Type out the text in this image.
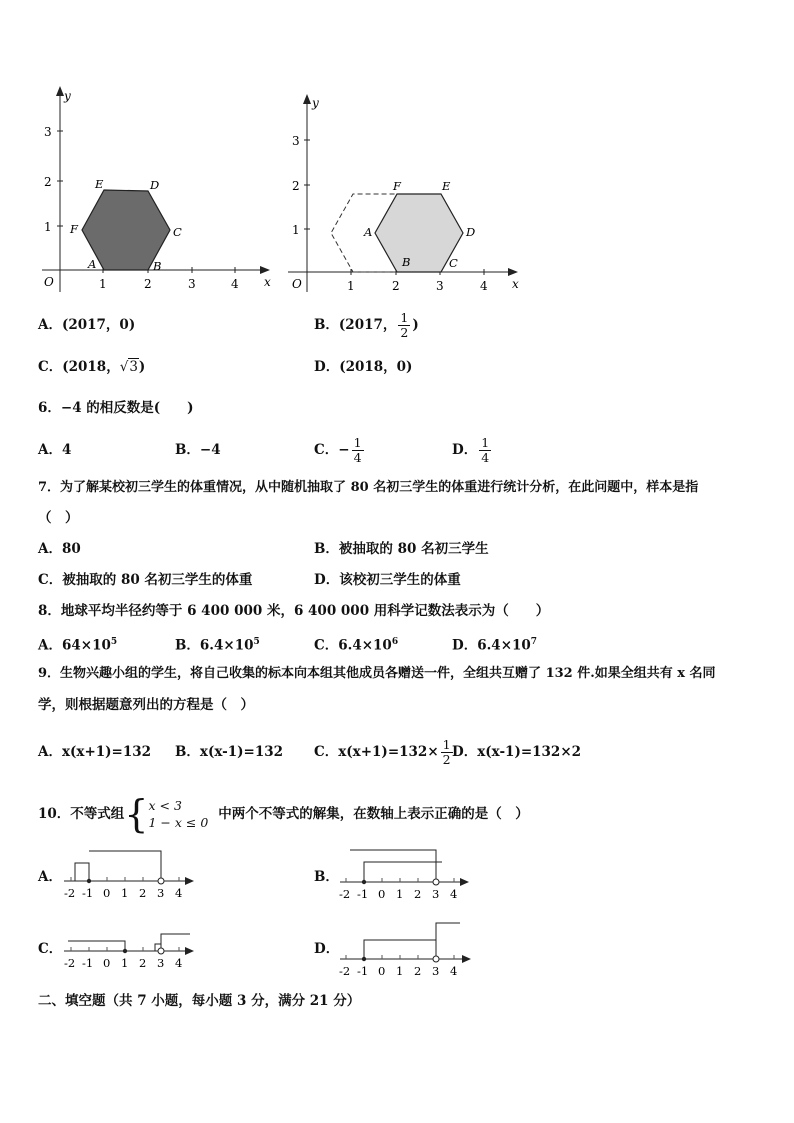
y
x
O
1
2
3
1	2	3	4
A	B
C
D
E
F
y
x
O
1
2
3
1	2	3	4
A
B	C
D
E
F
A．(2017，0)	B．(2017， $\frac{1}{2}$ )
C．(2018，√3)	D．(2018，0)
6．−4 的相反数是(　　)
A．4	B．−4	C．− $\frac{1}{4}$	D． $\frac{1}{4}$
7．为了解某校初三学生的体重情况，从中随机抽取了 80 名初三学生的体重进行统计分析，在此问题中，样本是指
（　）
A．80	B．被抽取的 80 名初三学生
C．被抽取的 80 名初三学生的体重	D．该校初三学生的体重
8．地球平均半径约等于 6 400 000 米，6 400 000 用科学记数法表示为（　　）
A．$64\times 10^5$	B．$6.4\times 10^5$	C．$6.4\times 10^6$	D．$6.4\times 10^7$
9．生物兴趣小组的学生，将自己收集的标本向本组其他成员各赠送一件，全组共互赠了 132 件.如果全组共有 x 名同
学，则根据题意列出的方程是（　）
A．x(x+1)=132 B．x(x-1)=132 C．$x(x+1)=132\times \frac{1}{2}$ D．x(x-1)=132×2
10．不等式组 { x < 3
1 − x ≤ 0
中两个不等式的解集，在数轴上表示正确的是（　）
A．	B．
C．	D．
-2 -1 0 1 2 3 4	-2 -1 0 1 2 3 4
-2 -1 0 1 2 3 4
-2 -1 0 1 2 3 4
二、填空题（共 7 小题，每小题 3 分，满分 21 分）
